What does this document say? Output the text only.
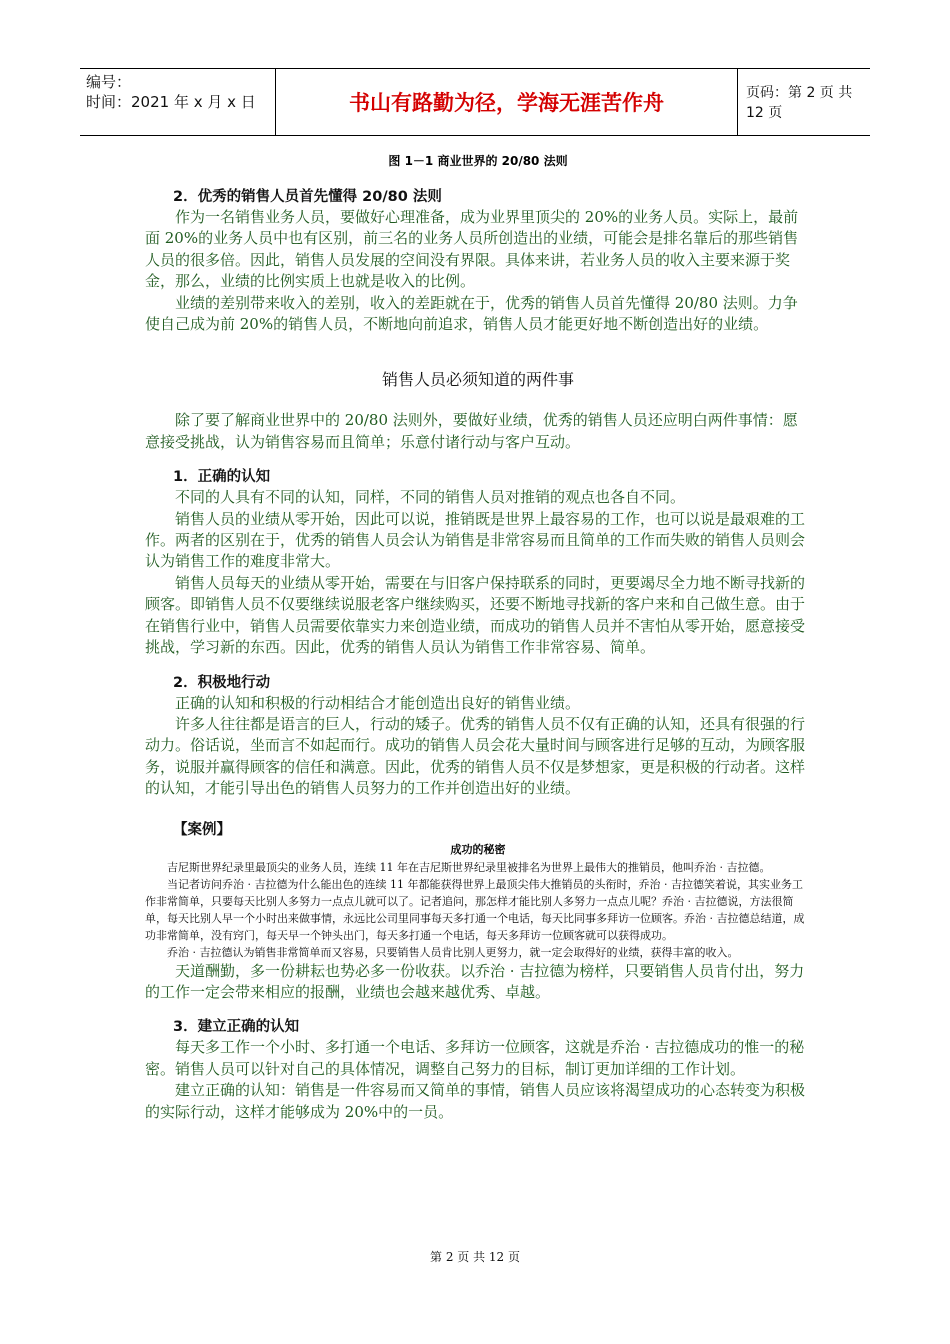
编号：
时间：2021 年 x 月 x 日	书山有路勤为径，学海无涯苦作舟	页码：第 2 页 共 12 页
图 1－1 商业世界的 20/80 法则
2．优秀的销售人员首先懂得 20/80 法则

作为一名销售业务人员，要做好心理准备，成为业界里顶尖的 20%的业务人员。实际上，最前面 20%的业务人员中也有区别，前三名的业务人员所创造出的业绩，可能会是排名靠后的那些销售人员的很多倍。因此，销售人员发展的空间没有界限。具体来讲，若业务人员的收入主要来源于奖金，那么，业绩的比例实质上也就是收入的比例。

业绩的差别带来收入的差别，收入的差距就在于，优秀的销售人员首先懂得 20/80 法则。力争使自己成为前 20%的销售人员，不断地向前追求，销售人员才能更好地不断创造出好的业绩。

销售人员必须知道的两件事

除了要了解商业世界中的 20/80 法则外，要做好业绩，优秀的销售人员还应明白两件事情：愿意接受挑战，认为销售容易而且简单；乐意付诸行动与客户互动。

1．正确的认知

不同的人具有不同的认知，同样，不同的销售人员对推销的观点也各自不同。

销售人员的业绩从零开始，因此可以说，推销既是世界上最容易的工作，也可以说是最艰难的工作。两者的区别在于，优秀的销售人员会认为销售是非常容易而且简单的工作而失败的销售人员则会认为销售工作的难度非常大。

销售人员每天的业绩从零开始，需要在与旧客户保持联系的同时，更要竭尽全力地不断寻找新的顾客。即销售人员不仅要继续说服老客户继续购买，还要不断地寻找新的客户来和自己做生意。由于在销售行业中，销售人员需要依靠实力来创造业绩，而成功的销售人员并不害怕从零开始，愿意接受挑战，学习新的东西。因此，优秀的销售人员认为销售工作非常容易、简单。

2．积极地行动

正确的认知和积极的行动相结合才能创造出良好的销售业绩。

许多人往往都是语言的巨人，行动的矮子。优秀的销售人员不仅有正确的认知，还具有很强的行动力。俗话说，坐而言不如起而行。成功的销售人员会花大量时间与顾客进行足够的互动，为顾客服务，说服并赢得顾客的信任和满意。因此，优秀的销售人员不仅是梦想家，更是积极的行动者。这样的认知，才能引导出色的销售人员努力的工作并创造出好的业绩。

【案例】
成功的秘密

吉尼斯世界纪录里最顶尖的业务人员，连续 11 年在吉尼斯世界纪录里被排名为世界上最伟大的推销员，他叫乔治 · 吉拉德。

当记者访问乔治 · 吉拉德为什么能出色的连续 11 年都能获得世界上最顶尖伟大推销员的头衔时，乔治 · 吉拉德笑着说，其实业务工作非常简单，只要每天比别人多努力一点点儿就可以了。记者追问，那怎样才能比别人多努力一点点儿呢？乔治 · 吉拉德说，方法很简单，每天比别人早一个小时出来做事情，永远比公司里同事每天多打通一个电话，每天比同事多拜访一位顾客。乔治 · 吉拉德总结道，成功非常简单，没有窍门，每天早一个钟头出门，每天多打通一个电话，每天多拜访一位顾客就可以获得成功。

乔治 · 吉拉德认为销售非常简单而又容易，只要销售人员肯比别人更努力，就一定会取得好的业绩，获得丰富的收入。

天道酬勤，多一份耕耘也势必多一份收获。以乔治 · 吉拉德为榜样，只要销售人员肯付出，努力的工作一定会带来相应的报酬，业绩也会越来越优秀、卓越。

3．建立正确的认知

每天多工作一个小时、多打通一个电话、多拜访一位顾客，这就是乔治 · 吉拉德成功的惟一的秘密。销售人员可以针对自己的具体情况，调整自己努力的目标，制订更加详细的工作计划。

建立正确的认知：销售是一件容易而又简单的事情，销售人员应该将渴望成功的心态转变为积极的实际行动，这样才能够成为 20%中的一员。

第 2 页 共 12 页
